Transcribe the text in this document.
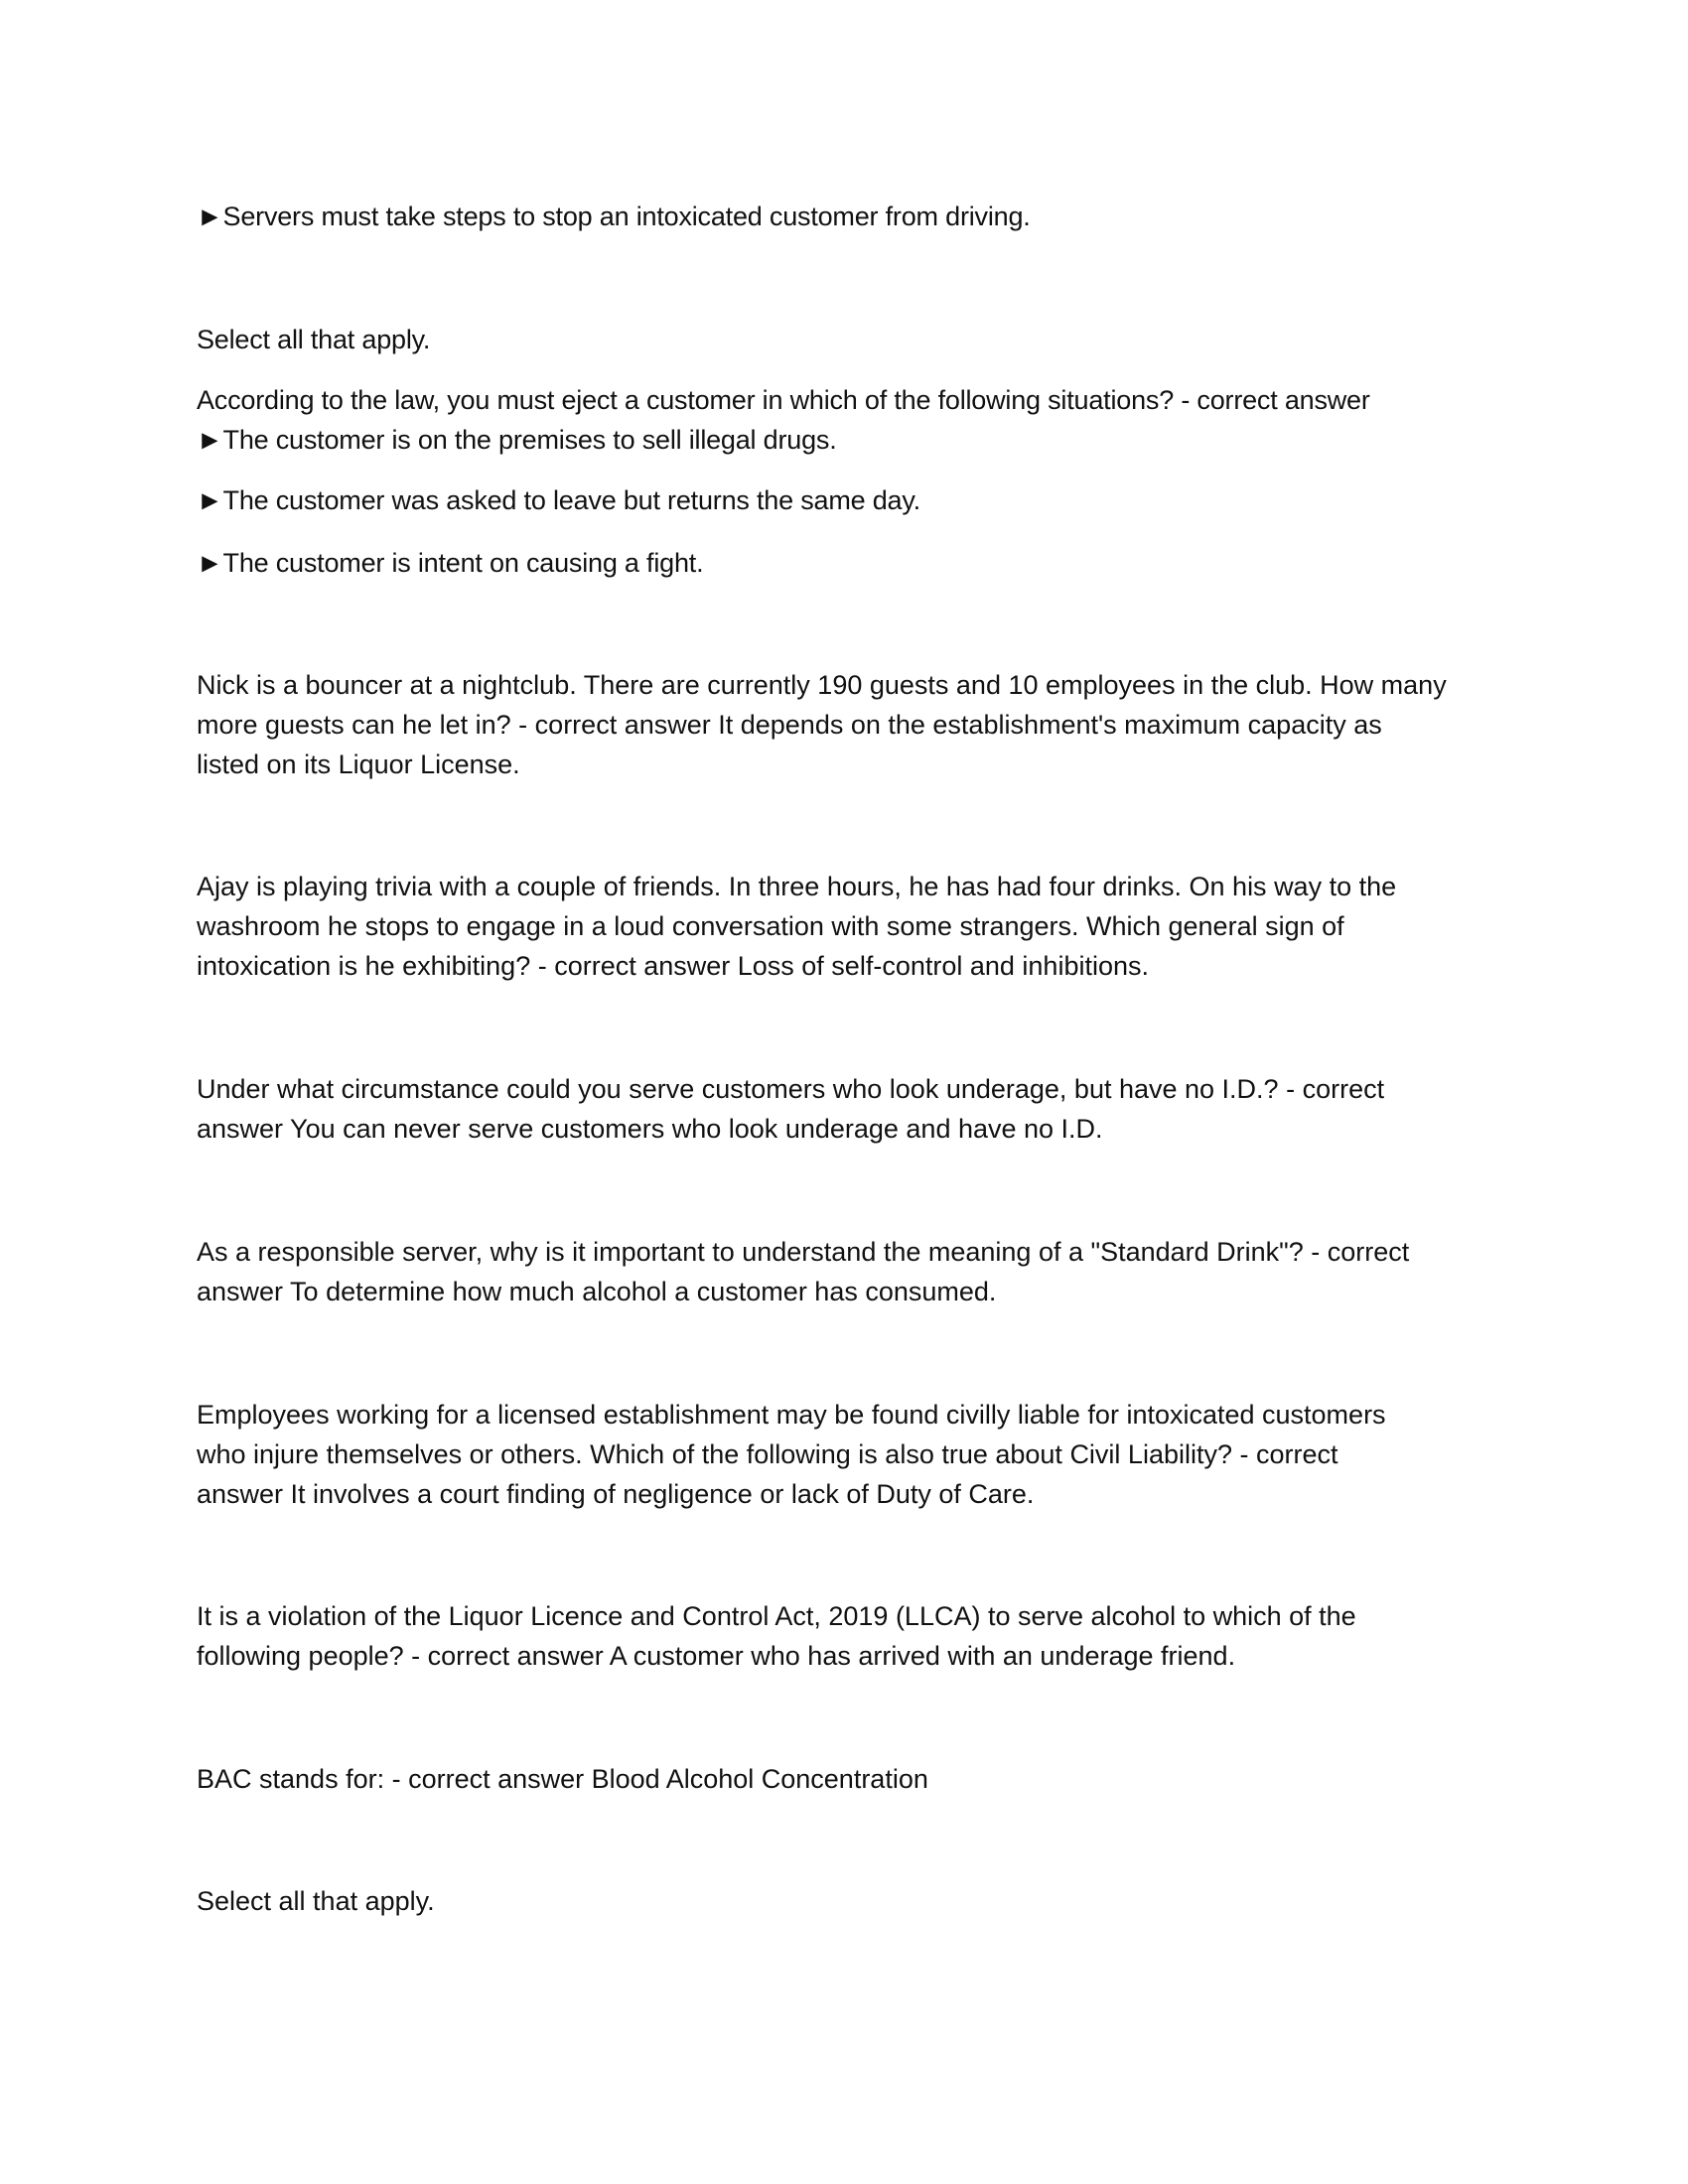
►Servers must take steps to stop an intoxicated customer from driving.
Select all that apply.
According to the law, you must eject a customer in which of the following situations? - correct answer
►The customer is on the premises to sell illegal drugs.
►The customer was asked to leave but returns the same day.
►The customer is intent on causing a fight.
Nick is a bouncer at a nightclub. There are currently 190 guests and 10 employees in the club. How many
more guests can he let in? - correct answer It depends on the establishment's maximum capacity as
listed on its Liquor License.
Ajay is playing trivia with a couple of friends. In three hours, he has had four drinks. On his way to the
washroom he stops to engage in a loud conversation with some strangers. Which general sign of
intoxication is he exhibiting? - correct answer Loss of self-control and inhibitions.
Under what circumstance could you serve customers who look underage, but have no I.D.? - correct
answer You can never serve customers who look underage and have no I.D.
As a responsible server, why is it important to understand the meaning of a "Standard Drink"? - correct
answer To determine how much alcohol a customer has consumed.
Employees working for a licensed establishment may be found civilly liable for intoxicated customers
who injure themselves or others. Which of the following is also true about Civil Liability? - correct
answer It involves a court finding of negligence or lack of Duty of Care.
It is a violation of the Liquor Licence and Control Act, 2019 (LLCA) to serve alcohol to which of the
following people? - correct answer A customer who has arrived with an underage friend.
BAC stands for: - correct answer Blood Alcohol Concentration
Select all that apply.
